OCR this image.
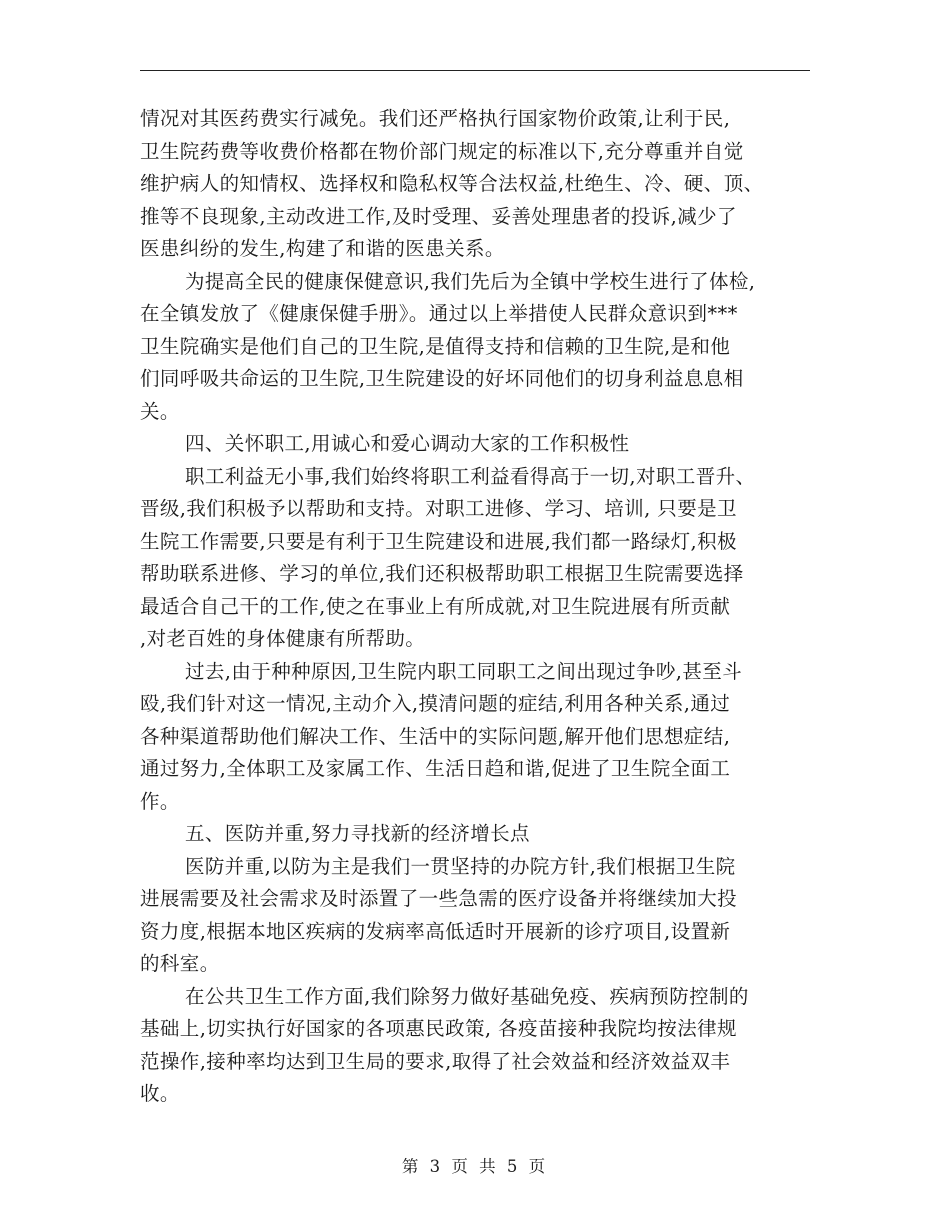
情况对其医药费实行减免。我们还严格执行国家物价政策,让利于民,
卫生院药费等收费价格都在物价部门规定的标准以下,充分尊重并自觉
维护病人的知情权、选择权和隐私权等合法权益,杜绝生、冷、硬、顶、
推等不良现象,主动改进工作,及时受理、妥善处理患者的投诉,减少了
医患纠纷的发生,构建了和谐的医患关系。
为提高全民的健康保健意识,我们先后为全镇中学校生进行了体检,
在全镇发放了《健康保健手册》。通过以上举措使人民群众意识到***
卫生院确实是他们自己的卫生院,是值得支持和信赖的卫生院,是和他
们同呼吸共命运的卫生院,卫生院建设的好坏同他们的切身利益息息相
关。
四、关怀职工,用诚心和爱心调动大家的工作积极性
职工利益无小事,我们始终将职工利益看得高于一切,对职工晋升、
晋级,我们积极予以帮助和支持。对职工进修、学习、培训, 只要是卫
生院工作需要,只要是有利于卫生院建设和进展,我们都一路绿灯,积极
帮助联系进修、学习的单位,我们还积极帮助职工根据卫生院需要选择
最适合自己干的工作,使之在事业上有所成就,对卫生院进展有所贡献
,对老百姓的身体健康有所帮助。
过去,由于种种原因,卫生院内职工同职工之间出现过争吵,甚至斗
殴,我们针对这一情况,主动介入,摸清问题的症结,利用各种关系,通过
各种渠道帮助他们解决工作、生活中的实际问题,解开他们思想症结,
通过努力,全体职工及家属工作、生活日趋和谐,促进了卫生院全面工
作。
五、医防并重,努力寻找新的经济增长点
医防并重,以防为主是我们一贯坚持的办院方针,我们根据卫生院
进展需要及社会需求及时添置了一些急需的医疗设备并将继续加大投
资力度,根据本地区疾病的发病率高低适时开展新的诊疗项目,设置新
的科室。
在公共卫生工作方面,我们除努力做好基础免疫、疾病预防控制的
基础上,切实执行好国家的各项惠民政策, 各疫苗接种我院均按法律规
范操作,接种率均达到卫生局的要求,取得了社会效益和经济效益双丰
收。
第 3 页 共 5 页
